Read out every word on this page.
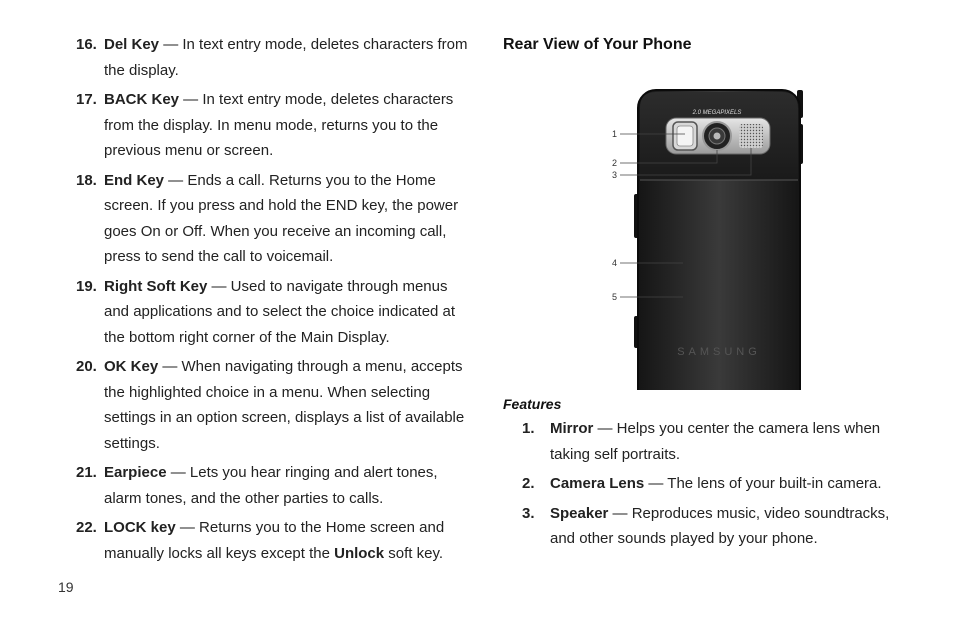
16. Del Key — In text entry mode, deletes characters from the display.
17. BACK Key — In text entry mode, deletes characters from the display. In menu mode, returns you to the previous menu or screen.
18. End Key — Ends a call. Returns you to the Home screen. If you press and hold the END key, the power goes On or Off. When you receive an incoming call, press to send the call to voicemail.
19. Right Soft Key — Used to navigate through menus and applications and to select the choice indicated at the bottom right corner of the Main Display.
20. OK Key — When navigating through a menu, accepts the highlighted choice in a menu. When selecting settings in an option screen, displays a list of available settings.
21. Earpiece — Lets you hear ringing and alert tones, alarm tones, and the other parties to calls.
22. LOCK key — Returns you to the Home screen and manually locks all keys except the Unlock soft key.
Rear View of Your Phone
2.0 MEGAPIXELS
SAMSUNG
1
2
3
4
5
Features
1. Mirror — Helps you center the camera lens when taking self portraits.
2. Camera Lens — The lens of your built-in camera.
3. Speaker — Reproduces music, video soundtracks, and other sounds played by your phone.
19
